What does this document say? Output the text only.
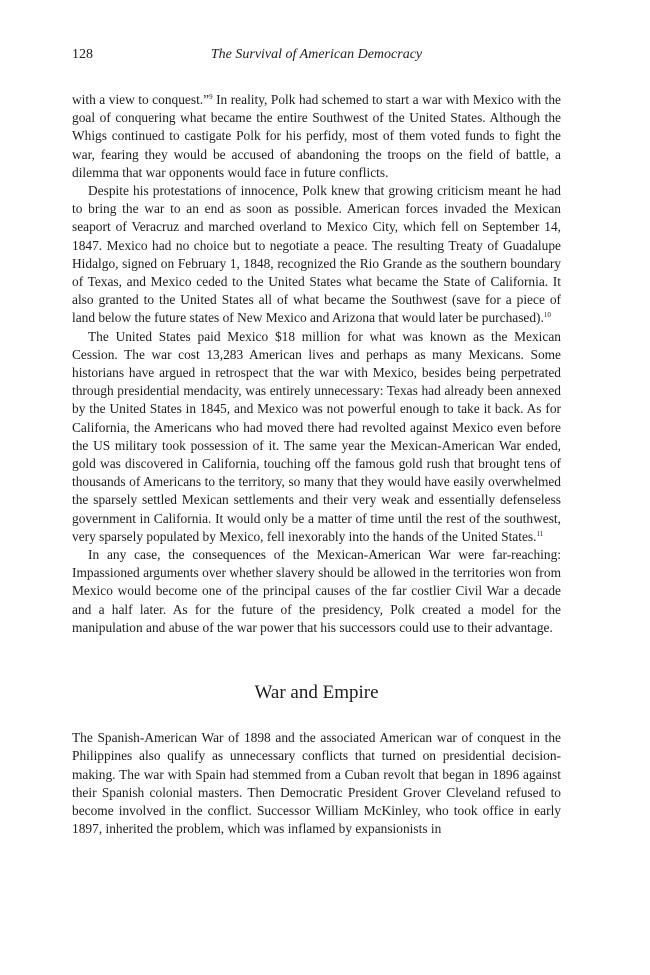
128	The Survival of American Democracy

with a view to conquest.”$^9$ In reality, Polk had schemed to start a war with Mexico with the goal of conquering what became the entire Southwest of the United States. Although the Whigs continued to castigate Polk for his perfidy, most of them voted funds to fight the war, fearing they would be accused of abandoning the troops on the field of battle, a dilemma that war opponents would face in future conflicts.

Despite his protestations of innocence, Polk knew that growing criticism meant he had to bring the war to an end as soon as possible. American forces invaded the Mexican seaport of Veracruz and marched overland to Mexico City, which fell on September 14, 1847. Mexico had no choice but to negotiate a peace. The resulting Treaty of Guadalupe Hidalgo, signed on February 1, 1848, recognized the Rio Grande as the southern boundary of Texas, and Mexico ceded to the United States what became the State of California. It also granted to the United States all of what became the Southwest (save for a piece of land below the future states of New Mexico and Arizona that would later be purchased).$^{10}$

The United States paid Mexico $18 million for what was known as the Mexican Cession. The war cost 13,283 American lives and perhaps as many Mexicans. Some historians have argued in retrospect that the war with Mexico, besides being perpetrated through presidential mendacity, was entirely unnecessary: Texas had already been annexed by the United States in 1845, and Mexico was not powerful enough to take it back. As for California, the Americans who had moved there had revolted against Mexico even before the US military took possession of it. The same year the Mexican-American War ended, gold was discovered in California, touching off the famous gold rush that brought tens of thousands of Americans to the territory, so many that they would have easily overwhelmed the sparsely settled Mexican settlements and their very weak and essentially defenseless government in California. It would only be a matter of time until the rest of the southwest, very sparsely populated by Mexico, fell inexorably into the hands of the United States.$^{11}$

In any case, the consequences of the Mexican-American War were far-reaching: Impassioned arguments over whether slavery should be allowed in the territories won from Mexico would become one of the principal causes of the far costlier Civil War a decade and a half later. As for the future of the presidency, Polk created a model for the manipulation and abuse of the war power that his successors could use to their advantage.

War and Empire

The Spanish-American War of 1898 and the associated American war of conquest in the Philippines also qualify as unnecessary conflicts that turned on presidential decision-making. The war with Spain had stemmed from a Cuban revolt that began in 1896 against their Spanish colonial masters. Then Democratic President Grover Cleveland refused to become involved in the conflict. Successor William McKinley, who took office in early 1897, inherited the problem, which was inflamed by expansionists in
